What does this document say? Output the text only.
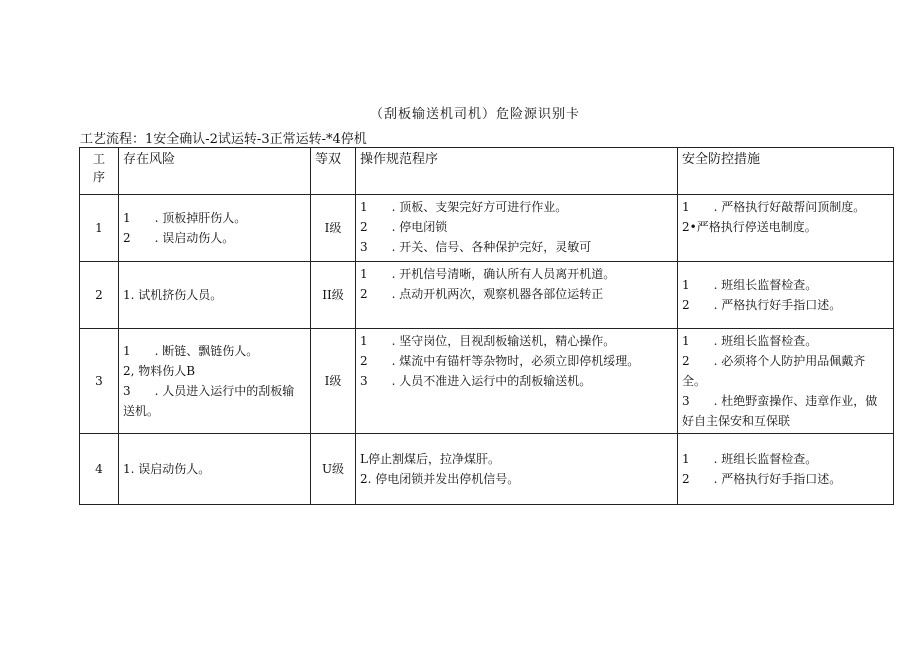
（刮板输送机司机）危险源识别卡
工艺流程：1安全确认-2试运转-3正常运转-*4停机
工序	存在风险	等双	操作规范程序	安全防控措施
1	1　　. 顶板掉肝伤人。
2　　. 误启动伤人。	I级	1　　. 顶板、支架完好方可进行作业。
2　　. 停电闭锁
3　　. 开关、信号、各种保护完好，灵敏可	1　　. 严格执行好敲帮问顶制度。
2•严格执行停送电制度。

2	1. 试机挤伤人员。	II级	1　　. 开机信号清晰，确认所有人员离开机道。
2　　. 点动开机两次，观察机器各部位运转正	1　　. 班组长监督检查。
2　　. 严格执行好手指口述。

3	1　　. 断链、飘链伤人。
2, 物料伤人B
3　　. 人员进入运行中的刮板输送机。	I级	1　　. 坚守岗位，目视刮板输送机，精心操作。
2　　. 煤流中有锚杆等杂物时，必须立即停机绥理。
3　　. 人员不准进入运行中的刮板输送机。	1　　. 班组长监督检查。
2　　. 必须将个人防护用品佩戴齐全。
3　　. 杜绝野蛮操作、违章作业，做好自主保安和互保联

4	1. 误启动伤人。	U级	L停止割煤后，拉净煤肝。
2. 停电闭锁并发出停机信号。	1　　. 班组长监督检查。
2　　. 严格执行好手指口述。
